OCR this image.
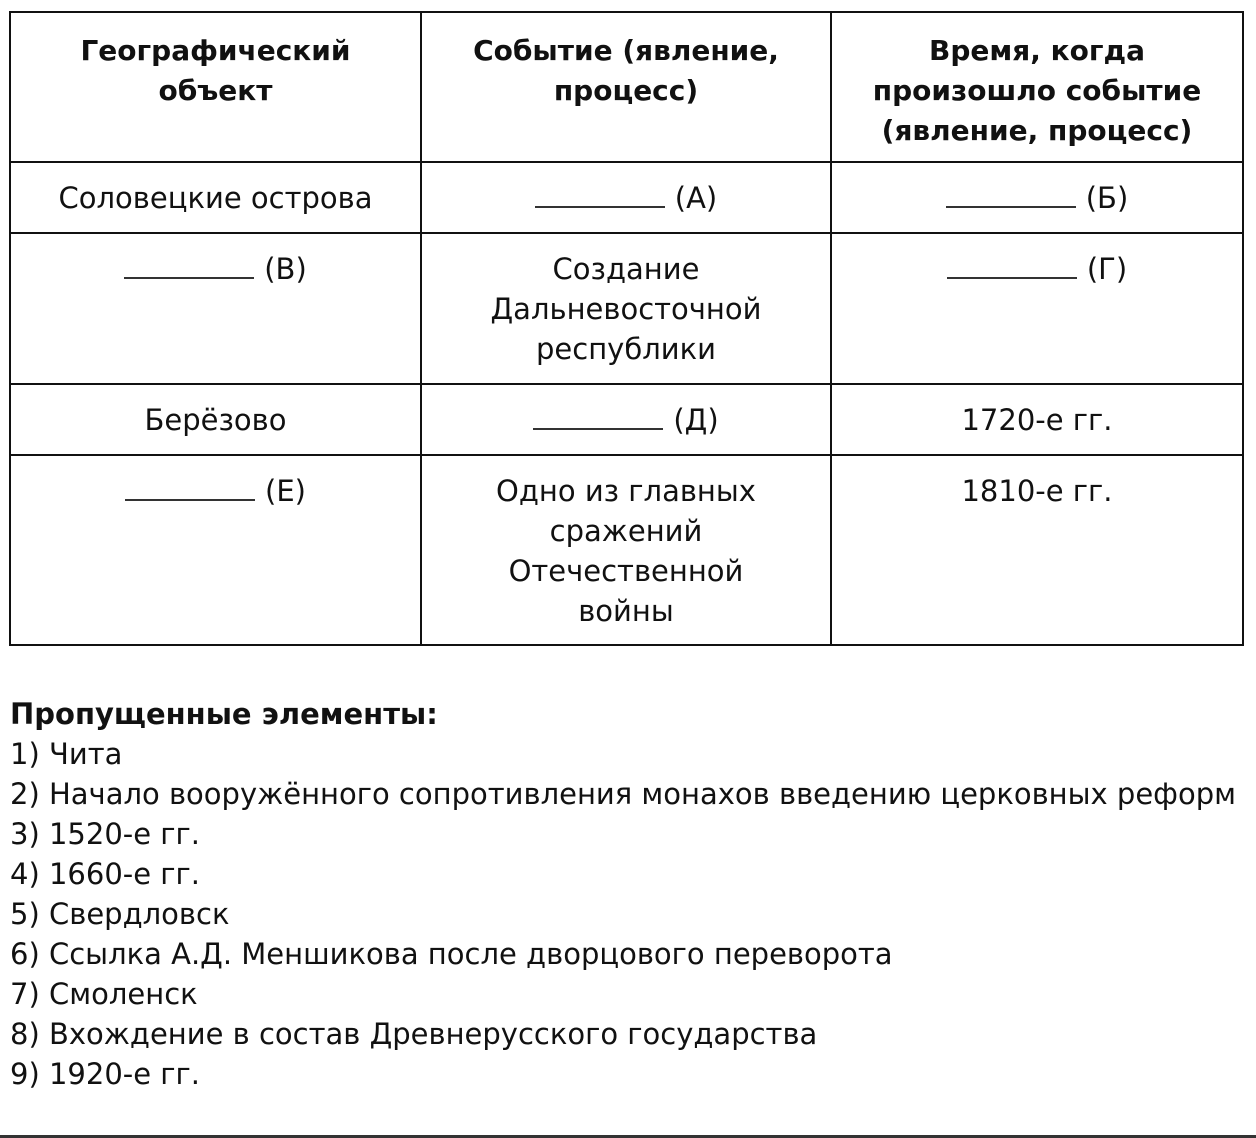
Географический объект	Событие (явление, процесс)	Время, когда произошло событие (явление, процесс)
Соловецкие острова	(А)	(Б)
(В)	Создание Дальневосточной республики	(Г)
Берёзово	(Д)	1720-е гг.
(Е)	Одно из главных сражений Отечественной войны	1810-е гг.
Пропущенные элементы:
1) Чита
2) Начало вооружённого сопротивления монахов введению церковных реформ
3) 1520-е гг.
4) 1660-е гг.
5) Свердловск
6) Ссылка А.Д. Меншикова после дворцового переворота
7) Смоленск
8) Вхождение в состав Древнерусского государства
9) 1920-е гг.
